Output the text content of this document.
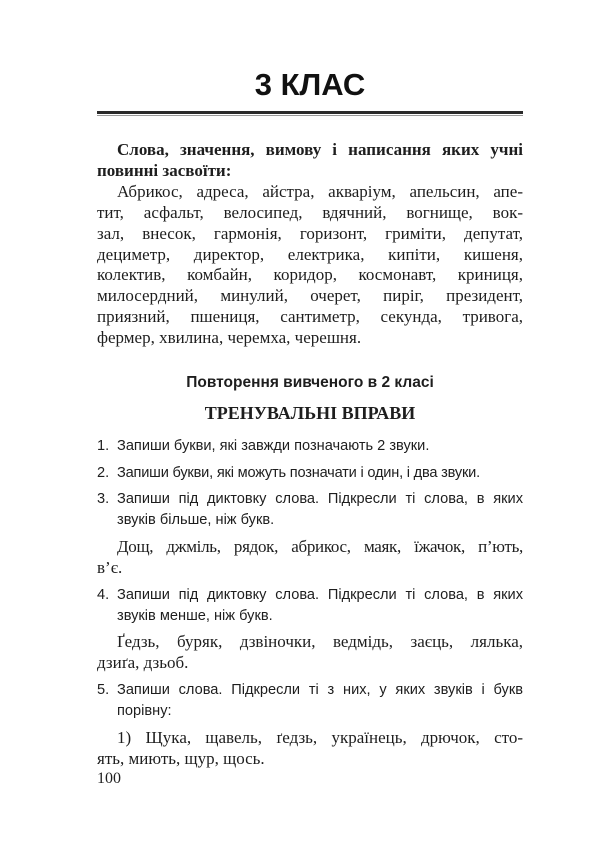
3 КЛАС
Слова, значення, вимову і написання яких учні
повинні засвоїти:
Абрикос, адреса, айстра, акваріум, апельсин, апе-
тит, асфальт, велосипед, вдячний, вогнище, вок-
зал, внесок, гармонія, горизонт, гриміти, депутат,
дециметр, директор, електрика, кипіти, кишеня,
колектив, комбайн, коридор, космонавт, криниця,
милосердний, минулий, очерет, пиріг, президент,
приязний, пшениця, сантиметр, секунда, тривога,
фермер, хвилина, черемха, черешня.
Повторення вивченого в 2 класі
ТРЕНУВАЛЬНІ ВПРАВИ
1. Запиши букви, які завжди позначають 2 звуки.
2. Запиши букви, які можуть позначати і один, і два звуки.
3. Запиши під диктовку слова. Підкресли ті слова, в яких
звуків більше, ніж букв.
Дощ, джміль, рядок, абрикос, маяк, їжачок, п’ють,
в’є.
4. Запиши під диктовку слова. Підкресли ті слова, в яких
звуків менше, ніж букв.
Ґедзь, буряк, дзвіночки, ведмідь, заєць, лялька,
дзиґа, дзьоб.
5. Запиши слова. Підкресли ті з них, у яких звуків і букв
порівну:
1) Щука, щавель, ґедзь, українець, дрючок, сто-
ять, миють, щур, щось.
100
